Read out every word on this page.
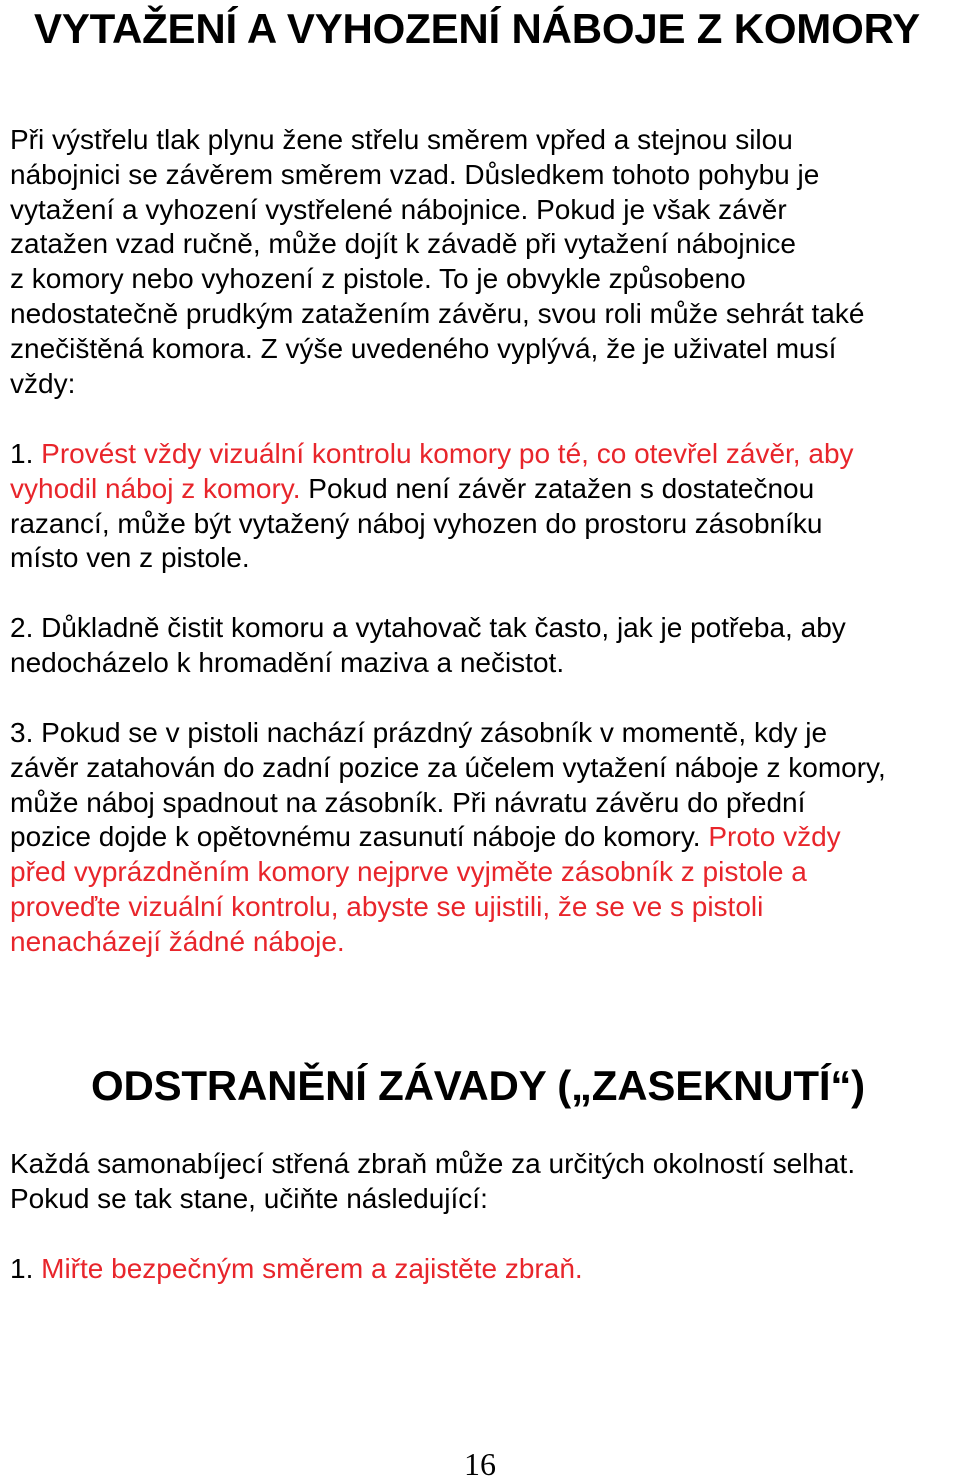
VYTAŽENÍ A VYHOZENÍ NÁBOJE Z KOMORY
Při výstřelu tlak plynu žene střelu směrem vpřed a stejnou silou
nábojnici se závěrem směrem vzad. Důsledkem tohoto pohybu je
vytažení a vyhození vystřelené nábojnice. Pokud je však závěr
zatažen vzad ručně, může dojít k závadě při vytažení nábojnice
z komory nebo vyhození z pistole. To je obvykle způsobeno
nedostatečně prudkým zatažením závěru, svou roli může sehrát také
znečištěná komora. Z výše uvedeného vyplývá, že je uživatel musí
vždy:
1. Provést vždy vizuální kontrolu komory po té, co otevřel závěr, aby
vyhodil náboj z komory. Pokud není závěr zatažen s dostatečnou
razancí, může být vytažený náboj vyhozen do prostoru zásobníku
místo ven z pistole.
2. Důkladně čistit komoru a vytahovač tak často, jak je potřeba, aby
nedocházelo k hromadění maziva a nečistot.
3. Pokud se v pistoli nachází prázdný zásobník v momentě, kdy je
závěr zatahován do zadní pozice za účelem vytažení náboje z komory,
může náboj spadnout na zásobník. Při návratu závěru do přední
pozice dojde k opětovnému zasunutí náboje do komory. Proto vždy
před vyprázdněním komory nejprve vyjměte zásobník z pistole a
proveďte vizuální kontrolu, abyste se ujistili, že se ve s pistoli
nenacházejí žádné náboje.
ODSTRANĚNÍ ZÁVADY („ZASEKNUTÍ“)
Každá samonabíjecí střená zbraň může za určitých okolností selhat.
Pokud se tak stane, učiňte následující:
1. Miřte bezpečným směrem a zajistěte zbraň.
16
